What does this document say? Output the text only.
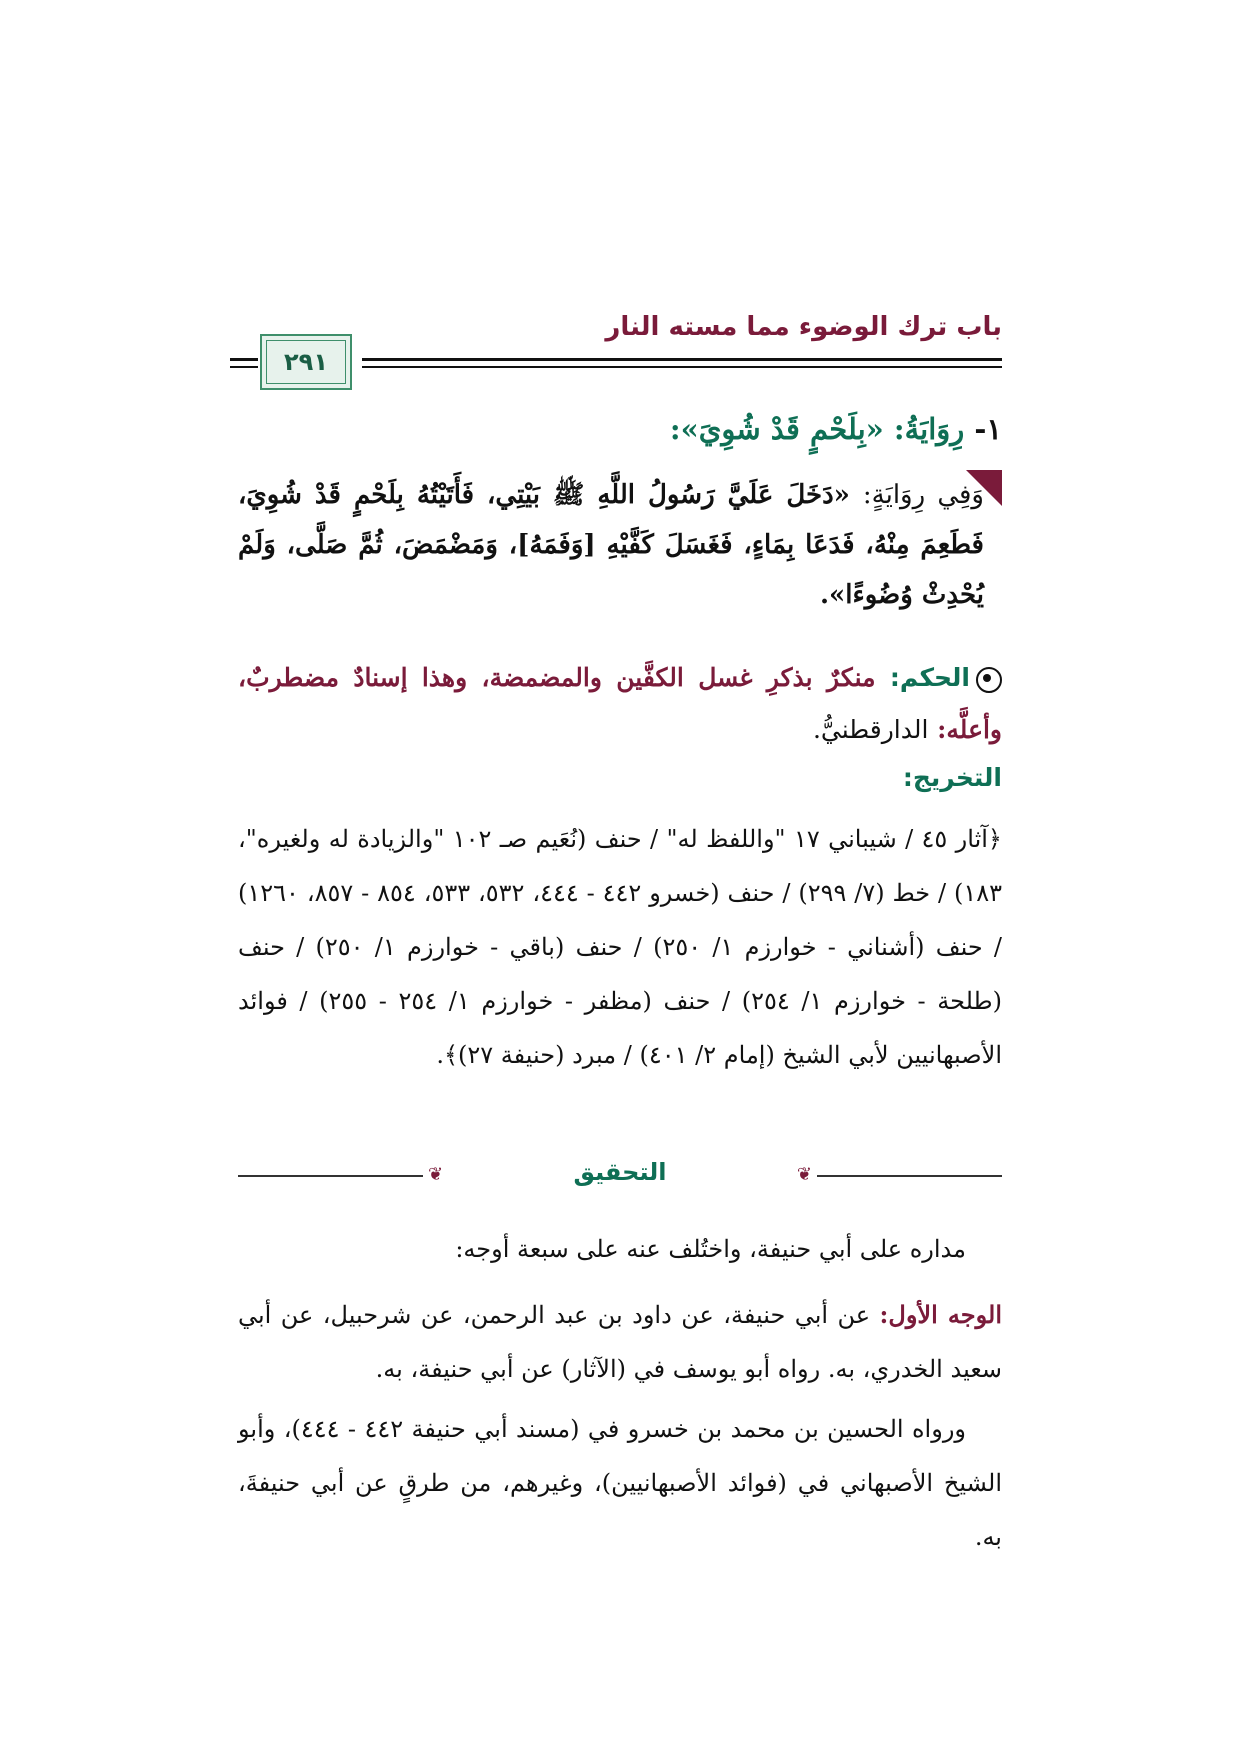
باب ترك الوضوء مما مسته النار
٢٩١
١- رِوَايَةُ: «بِلَحْمٍ قَدْ شُوِيَ»:
وَفِي رِوَايَةٍ: «دَخَلَ عَلَيَّ رَسُولُ اللَّهِ ﷺ بَيْتِي، فَأَتَيْتُهُ بِلَحْمٍ قَدْ شُوِيَ، فَطَعِمَ مِنْهُ، فَدَعَا بِمَاءٍ، فَغَسَلَ كَفَّيْهِ [وَفَمَهُ]، وَمَضْمَضَ، ثُمَّ صَلَّى، وَلَمْ يُحْدِثْ وُضُوءًا».
الحكم: منكرٌ بذكرِ غسل الكفَّين والمضمضة، وهذا إسنادٌ مضطربٌ، وأعلَّه: الدارقطنيُّ.
التخريج:
﴿آثار ٤٥ / شيباني ١٧ "واللفظ له" / حنف (نُعَيم صـ ١٠٢ "والزيادة له ولغيره"، ١٨٣) / خط (٧/ ٢٩٩) / حنف (خسرو ٤٤٢ - ٤٤٤، ٥٣٢، ٥٣٣، ٨٥٤ - ٨٥٧، ١٢٦٠) / حنف (أشناني - خوارزم ١/ ٢٥٠) / حنف (باقي - خوارزم ١/ ٢٥٠) / حنف (طلحة - خوارزم ١/ ٢٥٤) / حنف (مظفر - خوارزم ١/ ٢٥٤ - ٢٥٥) / فوائد الأصبهانيين لأبي الشيخ (إمام ٢/ ٤٠١) / مبرد (حنيفة ٢٧)﴾.
❦
التحقيق
❦
مداره على أبي حنيفة، واختُلف عنه على سبعة أوجه:
الوجه الأول: عن أبي حنيفة، عن داود بن عبد الرحمن، عن شرحبيل، عن أبي سعيد الخدري، به. رواه أبو يوسف في (الآثار) عن أبي حنيفة، به.
ورواه الحسين بن محمد بن خسرو في (مسند أبي حنيفة ٤٤٢ - ٤٤٤)، وأبو الشيخ الأصبهاني في (فوائد الأصبهانيين)، وغيرهم، من طرقٍ عن أبي حنيفةَ، به.
